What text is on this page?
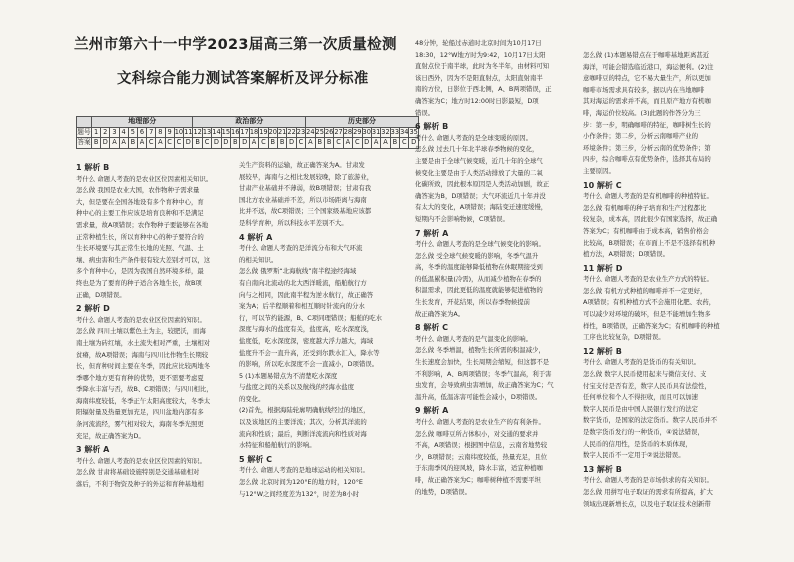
兰州市第六十一中学2023届高三第一次质量检测
文科综合能力测试答案解析及评分标准
	地理部分											政治部分												历史部分											
题号	1	2	3	4	5	6	7	8	9	10	11	12	13	14	15	16	17	18	19	20	21	22	23	24	25	26	27	28	29	30	31	32	33	34	35
答案	B	D	A	A	B	A	C	A	C	C	D	B	C	D	D	B	D	A	C	B	B	D	C	A	B	B	C	A	C	D	A	A	B	C	D
1 解析 B
考什么 命题人考查的是农业区位因素相关知识。
怎么做 我国是农业大国，农作物种子需求量
大，但是要在全国各地设有多个育种中心，育
种中心的主要工作应该是培育良种和不是满足
需求量，故A项错误；农作物种子要能够在各地
正常种植生长，所以育种中心的种子要符合的
生长环境要与其正常生长地的光照、气温、土
壤、病虫害和生产条件很有较大差别才可以，这
多个育种中心，是因为我国自然环境多样，最
终也是为了要育的种子适合各地生长，故B项
正确，D项错误。
2 解析 D
考什么 命题人考查的是农业区位因素的知识。
怎么做 四川土壤以紫色土为主，较肥沃，而海
南土壤为砖红壤，水土流失相对严重，土壤相对
贫瘠，故A项错误；海南与四川比作物生长期较
长，但育种时间主要在冬季，因此应比较两地冬
季哪个地方更有育种的优势，更不需要考虑夏
季降水丰富与否，故B、C项错误；与四川相比，
海南纬度较低，冬季正午太阳高度较大，冬季太
阳辐射量及热量更加充足，四川盆地内部有多
条河流流经，雾气相对较大，海南冬季光照更
充足，故正确答案为D。
3 解析 A
考什么 命题人考查的是农业区位因素的知识。
怎么做 甘肃将基础设施特别是交通基础相对
落后，不利于物资及种子的外运和育种基地相
关生产资料的运输，故正确答案为A。甘肃发
展较早，海南与之相比发展较晚，除了旅游业，
甘肃产业基础并不薄弱，故B项错误；甘肃有我
国北方农业基础并不差，所以市场距离与海南
比并不远，故C项错误；三个国家级基地应该都
是科学育种，所以科技水平差别不大。
4 解析 A
考什么 命题人考查的是洋流分布和大气环流
的相关知识。
怎么做 俄罗斯“北海航线”南半程途经海域
有自南向北流动的北大西洋暖流，船舶航行方
向与之相同，因此南半程为逆水航行，故正确答
案为A；后半程顺着和相互顺时针流向的分水
行，可以节约能源，B、C项同理错误；船舶的吃水
深度与海水的盐度有关，盐度高，吃水深度浅，
盐度低，吃水深度深，密度越大浮力越大，海域
盐度升不会一直升高，还受到尔跌水汇入，降水等
的影响，所以吃水深度不会一直减小，D项错误。
5 (1)本题易错点为不清楚吃水深度
与盐度之间的关系以及航线的经海水盐度
的变化。
(2)首先，根据海陆轮廓明确航线经过的地区，
以及该地区的主要洋流；其次，分析其洋流的
流向和性质；最后，判断洋流流向和性质对海
水特征和船舶航行的影响。
5 解析 C
考什么 命题人考查的是地球运动的相关知识。
怎么做 北京时间为120°E的地方时，120°E
与12°W之间经度差为132°，时差为8小时
48分钟，轮船过赤道时北京时间为10月17日
18:30，12°W地方时为9:42，10月17日太阳
直射点位于南半球，此时为冬半年，由材料可知
该日西外，因为不是阳直射点，太阳直射南半
南的方位，日影位于西北侧，A、B两项错误，正
确答案为C；地方时12:00时日影最短，D项
错误。
6 解析 B
考什么 命题人考查的是全球变暖的原因。
怎么做 过去几十年北半球春季物候的变化，
主要是由于全球气候变暖，近几十年的全球气
候变化主要是由于人类活动排放了大量的二氧
化碳所致，因此根本原因是人类活动加剧，故正
确答案为B，D项错误；大气环流近几十年并没
有太大的变化，A项错误；海陆变迁速度缓慢，
短期内不会影响物候，C项错误。
7 解析 A
考什么 命题人考查的是全球气候变化的影响。
怎么做 受全球气候变暖的影响，冬季气温升
高，冬季的温度能够降低植物在休眠期接受到
的低温累积量(冷需)，从而减少植物在春季的
积温需求，因此更低的温度就能够促进植物的
生长发育，开花结果，所以春季物候提前
故正确答案为A。
8 解析 C
考什么 命题人考查的是气温变化的影响。
怎么做 冬季增温，植物生长所需的积温减少，
生长速度会加快，生长周期会缩短，但这都不是
不利影响，A、B两项错误；冬季气温高，利于害
虫发育，会导致病虫害增加，故正确答案为C；气
温升高，低温冻害可能性会减小，D项错误。
9 解析 A
考什么 命题人考查的是农业生产的有利条件。
怎么做 咖啡豆所占体积小，对交通的要求并
不高，A项错误；根据图中信息，云南省地势较
少，B项错误；云南纬度较低，热量充足，且位
于东南季风的迎风坡，降水丰富，适宜种植咖
啡，故正确答案为C；咖啡树种植不需要平坦
的地势，D项错误。
怎么做 (1)本题易错点在于咖啡基地距离甚近
海洋，可能会错选临近港口，海运便利。(2)注
意咖啡豆的特点，它不易大量生产，所以更加
咖啡市场需求具有较多，据以内在当地咖啡
其对海运的需求并不高，而且原产地方有机咖
啡，海运价位较高。(3)此题的作答分为三
步：第一步，明确咖啡的特征，咖啡树生长的
小作条件；第二步，分析云南咖啡产业的
环境条件；第三步，分析云南的优势条件；第
四步，综合咖啡点有优势条件，选择其布局的
主要原因。
10 解析 C
考什么 命题人考查的是有机咖啡的种植特征。
怎么做 有机咖啡的种子培育和生产过程都比
较复杂，成本高，因此很少有国家选择，故正确
答案为C；有机咖啡由于成本高，销售价格会
比较高，B项错误；在市面上不是不选择有机种
植方法，A项错误；D项错误。
11 解析 D
考什么 命题人考查的是农业生产方式的特征。
怎么做 有机方式种植的咖啡并不一定更好，
A项错误；有机种植方式不会施用化肥、农药，
可以减少对环境的破坏，但是不能增加生物多
样性，B项错误，正确答案为C；有机咖啡的种植
工序也比较复杂，D项错误。
12 解析 B
考什么 命题人考查的是货币的有关知识。
怎么做 数字人民币使用起来与微信支付、支
付宝支付是否有差，数字人民币具有法偿性，
任何单位和个人不得拒收，而且可以加速
数字人民币是由中国人民银行发行的法定
数字货币，是国家的法定货币。数字人民币并不
是数字货币发行的一种货币，④说法错误，
人民币的信用性，是货币的本质体现，
数字人民币不一定用于②说法错误。
13 解析 B
考什么 命题人考查的是市场供求的有关知识。
怎么做 用拼写电子取证的需求有所提高，扩大
领域出现新增长点，以及电子取证技术创新带
